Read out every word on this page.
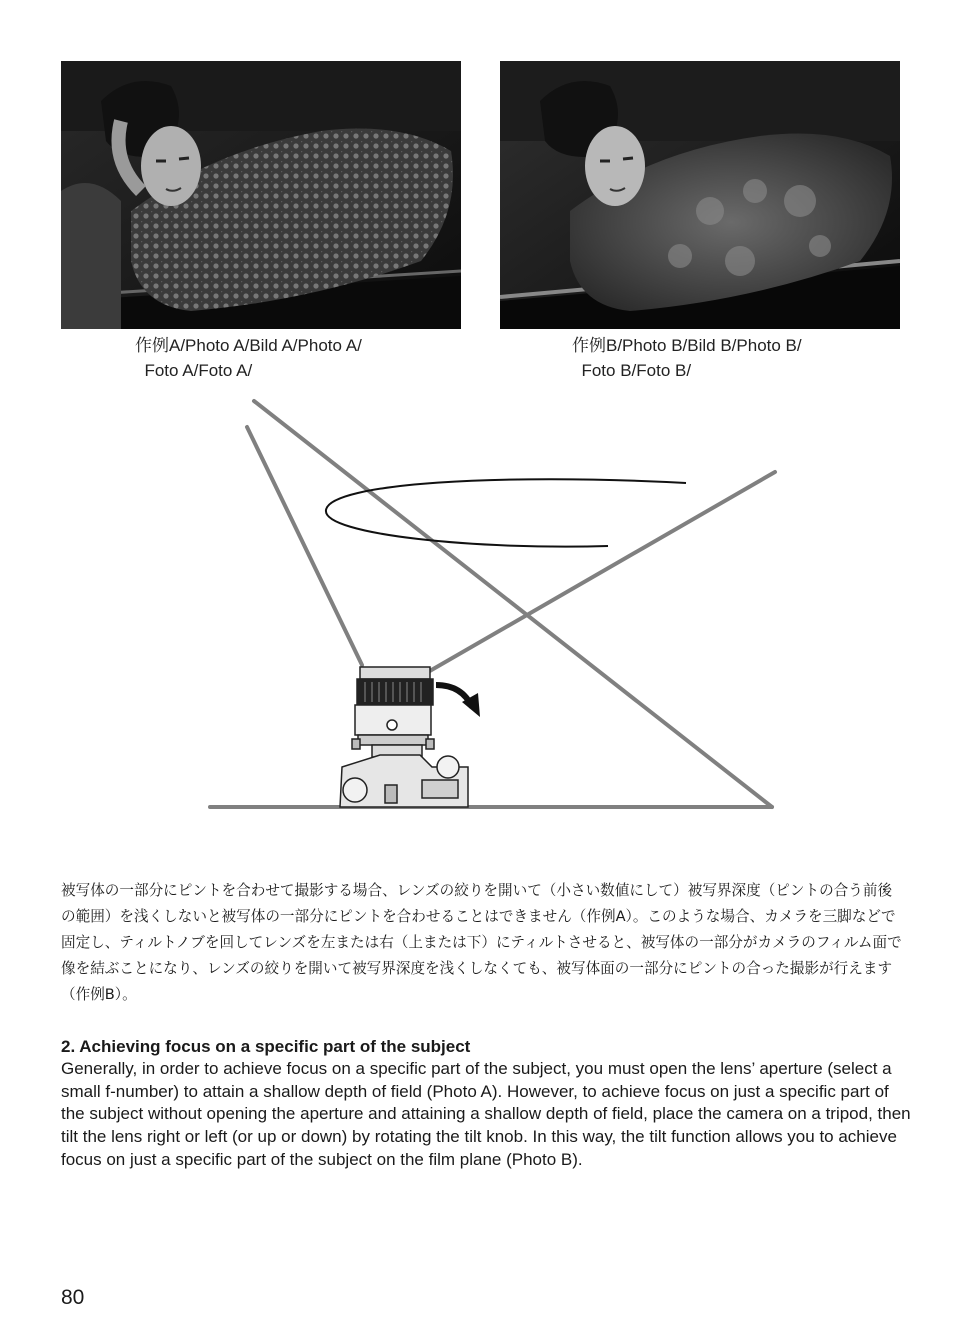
作例A/Photo A/Bild A/Photo A/
Foto A/Foto A/
作例B/Photo B/Bild B/Photo B/
Foto B/Foto B/
被写体の一部分にピントを合わせて撮影する場合、レンズの絞りを開いて（小さい数値にして）被写界深度（ピントの合う前後の範囲）を浅くしないと被写体の一部分にピントを合わせることはできません（作例A）。このような場合、カメラを三脚などで固定し、ティルトノブを回してレンズを左または右（上または下）にティルトさせると、被写体の一部分がカメラのフィルム面で像を結ぶことになり、レンズの絞りを開いて被写界深度を浅くしなくても、被写体面の一部分にピントの合った撮影が行えます（作例B）。
2. Achieving focus on a specific part of the subject
Generally, in order to achieve focus on a specific part of the subject, you must open the lens’ aperture (select a small f-number) to attain a shallow depth of field (Photo A). However, to achieve focus on just a specific part of the subject without opening the aperture and attaining a shallow depth of field, place the camera on a tripod, then tilt the lens right or left (or up or down) by rotating the tilt knob. In this way, the tilt function allows you to achieve focus on just a specific part of the subject on the film plane (Photo B).
80
